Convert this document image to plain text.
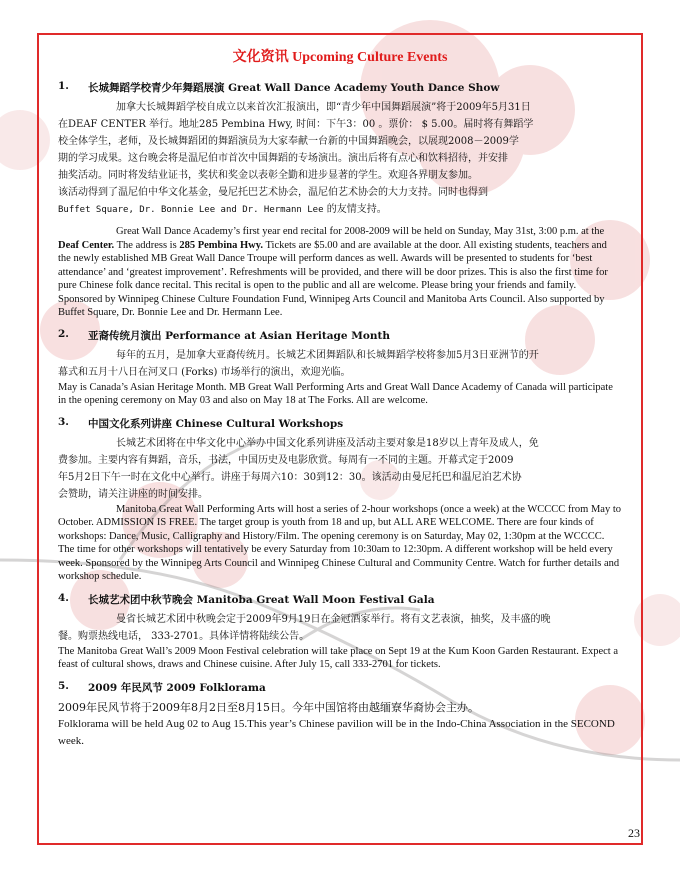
文化资讯 Upcoming Culture Events
1.	长城舞蹈学校青少年舞蹈展演 Great Wall Dance Academy Youth Dance Show
加拿大长城舞蹈学校自成立以来首次汇报演出，即“青少年中国舞蹈展演”将于2009年5月31日
在DEAF CENTER 举行。地址285 Pembina Hwy, 时间：下午3：00 。票价： $ 5.00。届时将有舞蹈学
校全体学生，老师，及长城舞蹈团的舞蹈演员为大家奉献一台新的中国舞蹈晚会，以展现2008－2009学
期的学习成果。这台晚会将是温尼伯市首次中国舞蹈的专场演出。演出后将有点心和饮料招待，并安排
抽奖活动。同时将发结业证书，奖状和奖金以表彰全勤和进步显著的学生。欢迎各界朋友参加。
该活动得到了温尼伯中华文化基金，曼尼托巴艺术协会，温尼伯艺术协会的大力支持。同时也得到
Buffet Square, Dr. Bonnie Lee and Dr. Hermann Lee 的友情支持。
Great Wall Dance Academy’s first year end recital for 2008-2009 will be held on Sunday, May 31st, 3:00 p.m. at the Deaf Center. The address is 285 Pembina Hwy. Tickets are $5.00 and are available at the door. All existing students, teachers and the newly established MB Great Wall Dance Troupe will perform dances as well. Awards will be presented to students for ‘best attendance’ and ‘greatest improvement’. Refreshments will be provided, and there will be door prizes. This is also the first time for pure Chinese folk dance recital. This recital is open to the public and all are welcome. Please bring your friends and family. Sponsored by Winnipeg Chinese Culture Foundation Fund, Winnipeg Arts Council and Manitoba Arts Council. Also supported by Buffet Square, Dr. Bonnie Lee and Dr. Hermann Lee.
2.	亚裔传统月演出 Performance at Asian Heritage Month
每年的五月，是加拿大亚裔传统月。长城艺术团舞蹈队和长城舞蹈学校将参加5月3日亚洲节的开
幕式和五月十八日在河叉口 (Forks) 市场举行的演出，欢迎光临。
May is Canada’s Asian Heritage Month. MB Great Wall Performing Arts and Great Wall Dance Academy of Canada will participate in the opening ceremony on May 03 and also on May 18 at The Forks. All are welcome.
3.	中国文化系列讲座 Chinese Cultural Workshops
长城艺术团将在中华文化中心举办中国文化系列讲座及活动主要对象是18岁以上青年及成人，免
费参加。主要内容有舞蹈，音乐，书法，中国历史及电影欣赏。每周有一不同的主题。开幕式定于2009
年5月2日下午一时在文化中心举行。讲座于每周六10：30到12：30。该活动由曼尼托巴和温尼泊艺术协
会赞助，请关注讲座的时间安排。
Manitoba Great Wall Performing Arts will host a series of 2-hour workshops (once a week) at the WCCCC from May to October. ADMISSION IS FREE. The target group is youth from 18 and up, but ALL ARE WELCOME. There are four kinds of workshops: Dance, Music, Calligraphy and History/Film. The opening ceremony is on Saturday, May 02, 1:30pm at the WCCCC. The time for other workshops will tentatively be every Saturday from 10:30am to 12:30pm. A different workshop will be held every week. Sponsored by the Winnipeg Arts Council and Winnipeg Chinese Cultural and Community Centre. Watch for further details and workshop schedule.
4.	长城艺术团中秋节晚会 Manitoba Great Wall Moon Festival Gala
曼省长城艺术团中秋晚会定于2009年9月19日在金冠酒家举行。将有文艺表演，抽奖，及丰盛的晚
餐。购票热线电话， 333-2701。具体详情将陆续公告。
The Manitoba Great Wall’s 2009 Moon Festival celebration will take place on Sept 19 at the Kum Koon Garden Restaurant. Expect a feast of cultural shows, draws and Chinese cuisine. After July 15, call 333-2701 for tickets.
5.	2009 年民风节 2009 Folklorama
2009年民风节将于2009年8月2日至8月15日。今年中国馆将由越缅寮华裔协会主办。
Folklorama will be held Aug 02 to Aug 15.This year’s Chinese pavilion will be in the Indo-China Association in the SECOND week.
23
